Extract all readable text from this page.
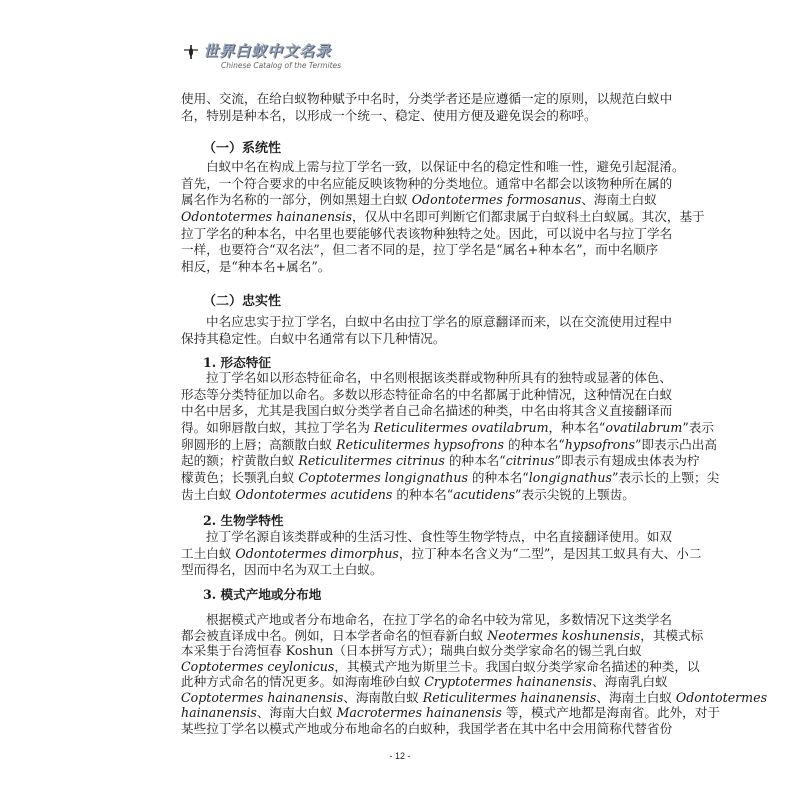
世界白蚁中文名录
Chinese Catalog of the Termites
使用、交流，在给白蚁物种赋予中名时，分类学者还是应遵循一定的原则，以规范白蚁中
名，特别是种本名，以形成一个统一、稳定、使用方便及避免误会的称呼。
（一）系统性
白蚁中名在构成上需与拉丁学名一致，以保证中名的稳定性和唯一性，避免引起混淆。
首先，一个符合要求的中名应能反映该物种的分类地位。通常中名都会以该物种所在属的
属名作为名称的一部分，例如黑翅土白蚁 Odontotermes formosanus、海南土白蚁
Odontotermes hainanensis，仅从中名即可判断它们都隶属于白蚁科土白蚁属。其次，基于
拉丁学名的种本名，中名里也要能够代表该物种独特之处。因此，可以说中名与拉丁学名
一样，也要符合“双名法”，但二者不同的是，拉丁学名是“属名+种本名”，而中名顺序
相反，是“种本名+属名”。
（二）忠实性
中名应忠实于拉丁学名，白蚁中名由拉丁学名的原意翻译而来，以在交流使用过程中
保持其稳定性。白蚁中名通常有以下几种情况。
1. 形态特征
拉丁学名如以形态特征命名，中名则根据该类群或物种所具有的独特或显著的体色、
形态等分类特征加以命名。多数以形态特征命名的中名都属于此种情况，这种情况在白蚁
中名中居多，尤其是我国白蚁分类学者自己命名描述的种类，中名由将其含义直接翻译而
得。如卵唇散白蚁，其拉丁学名为 Reticulitermes ovatilabrum，种本名“ovatilabrum”表示
卵圆形的上唇；高额散白蚁 Reticulitermes hypsofrons 的种本名“hypsofrons”即表示凸出高
起的额；柠黄散白蚁 Reticulitermes citrinus 的种本名“citrinus”即表示有翅成虫体表为柠
檬黄色；长颚乳白蚁 Coptotermes longignathus 的种本名“longignathus”表示长的上颚；尖
齿土白蚁 Odontotermes acutidens 的种本名“acutidens”表示尖锐的上颚齿。
2. 生物学特性
拉丁学名源自该类群或种的生活习性、食性等生物学特点，中名直接翻译使用。如双
工土白蚁 Odontotermes dimorphus，拉丁种本名含义为“二型”，是因其工蚁具有大、小二
型而得名，因而中名为双工土白蚁。
3. 模式产地或分布地
根据模式产地或者分布地命名，在拉丁学名的命名中较为常见，多数情况下这类学名
都会被直译成中名。例如，日本学者命名的恒春新白蚁 Neotermes koshunensis，其模式标
本采集于台湾恒春 Koshun（日本拼写方式）；瑞典白蚁分类学家命名的锡兰乳白蚁
Coptotermes ceylonicus，其模式产地为斯里兰卡。我国白蚁分类学家命名描述的种类，以
此种方式命名的情况更多。如海南堆砂白蚁 Cryptotermes hainanensis、海南乳白蚁
Coptotermes hainanensis、海南散白蚁 Reticulitermes hainanensis、海南土白蚁 Odontotermes
hainanensis、海南大白蚁 Macrotermes hainanensis 等，模式产地都是海南省。此外，对于
某些拉丁学名以模式产地或分布地命名的白蚁种，我国学者在其中名中会用简称代替省份
- 12 -
